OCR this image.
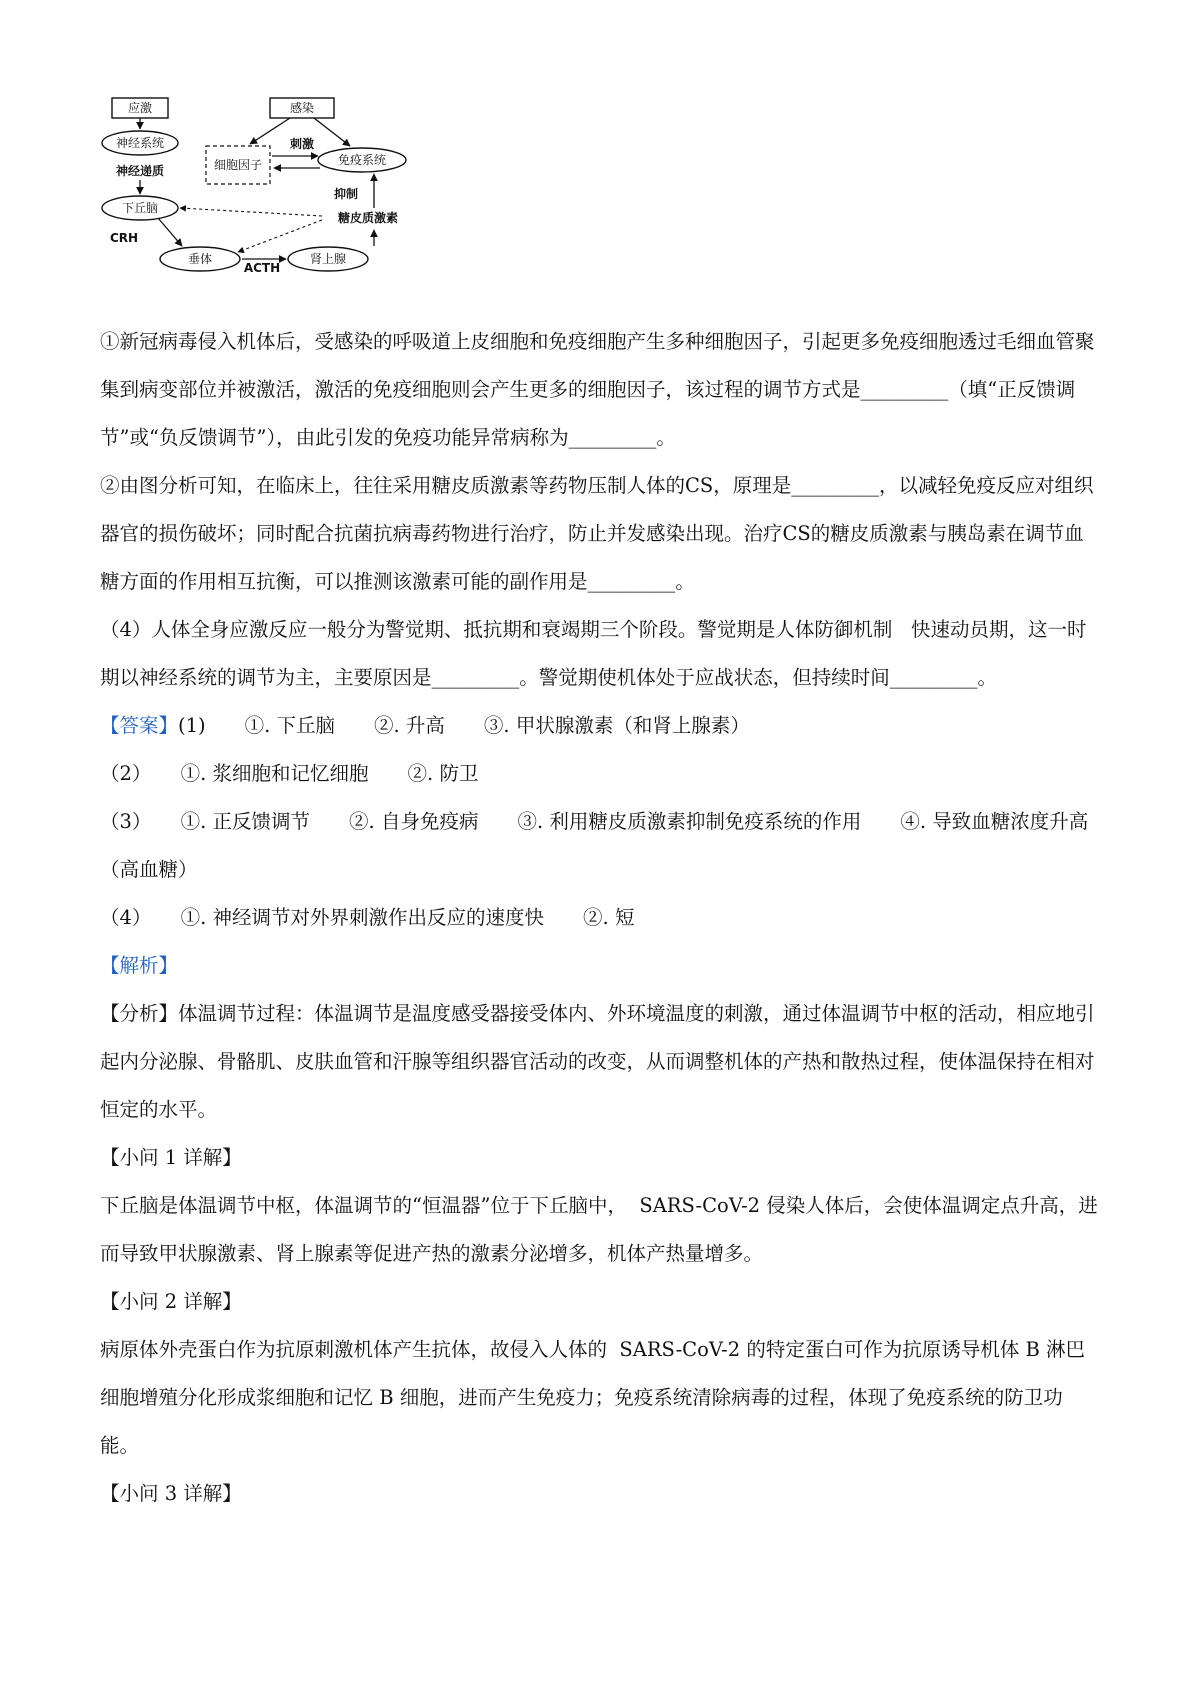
应激	感染
神经系统
神经递质	细胞因子
刺激
免疫系统
抑制
下丘脑
糖皮质激素
CRH
垂体
ACTH
肾上腺

①新冠病毒侵入机体后，受感染的呼吸道上皮细胞和免疫细胞产生多种细胞因子，引起更多免疫细胞透过毛细血管聚集到病变部位并被激活，激活的免疫细胞则会产生更多的细胞因子，该过程的调节方式是_________（填“正反馈调节”或“负反馈调节”），由此引发的免疫功能异常病称为_________。

②由图分析可知，在临床上，往往采用糖皮质激素等药物压制人体的CS，原理是_________，以减轻免疫反应对组织器官的损伤破坏；同时配合抗菌抗病毒药物进行治疗，防止并发感染出现。治疗CS的糖皮质激素与胰岛素在调节血糖方面的作用相互抗衡，可以推测该激素可能的副作用是_________。

（4）人体全身应激反应一般分为警觉期、抵抗期和衰竭期三个阶段。警觉期是人体防御机制   快速动员期，这一时期以神经系统的调节为主，主要原因是_________。警觉期使机体处于应战状态，但持续时间_________。

【答案】(1)　　①. 下丘脑　　②. 升高　　③. 甲状腺激素（和肾上腺素）

（2）　　①. 浆细胞和记忆细胞　　②. 防卫

（3）　　①. 正反馈调节　　②. 自身免疫病　　③. 利用糖皮质激素抑制免疫系统的作用　　④. 导致血糖浓度升高（高血糖）

（4）　　①. 神经调节对外界刺激作出反应的速度快　　②. 短

【解析】

【分析】体温调节过程：体温调节是温度感受器接受体内、外环境温度的刺激，通过体温调节中枢的活动，相应地引起内分泌腺、骨骼肌、皮肤血管和汗腺等组织器官活动的改变，从而调整机体的产热和散热过程，使体温保持在相对恒定的水平。

【小问 1 详解】

下丘脑是体温调节中枢，体温调节的“恒温器”位于下丘脑中，  SARS-CoV-2 侵染人体后，会使体温调定点升高，进而导致甲状腺激素、肾上腺素等促进产热的激素分泌增多，机体产热量增多。

【小问 2 详解】

病原体外壳蛋白作为抗原刺激机体产生抗体，故侵入人体的  SARS-CoV-2 的特定蛋白可作为抗原诱导机体 B 淋巴细胞增殖分化形成浆细胞和记忆 B 细胞，进而产生免疫力；免疫系统清除病毒的过程，体现了免疫系统的防卫功能。

【小问 3 详解】
